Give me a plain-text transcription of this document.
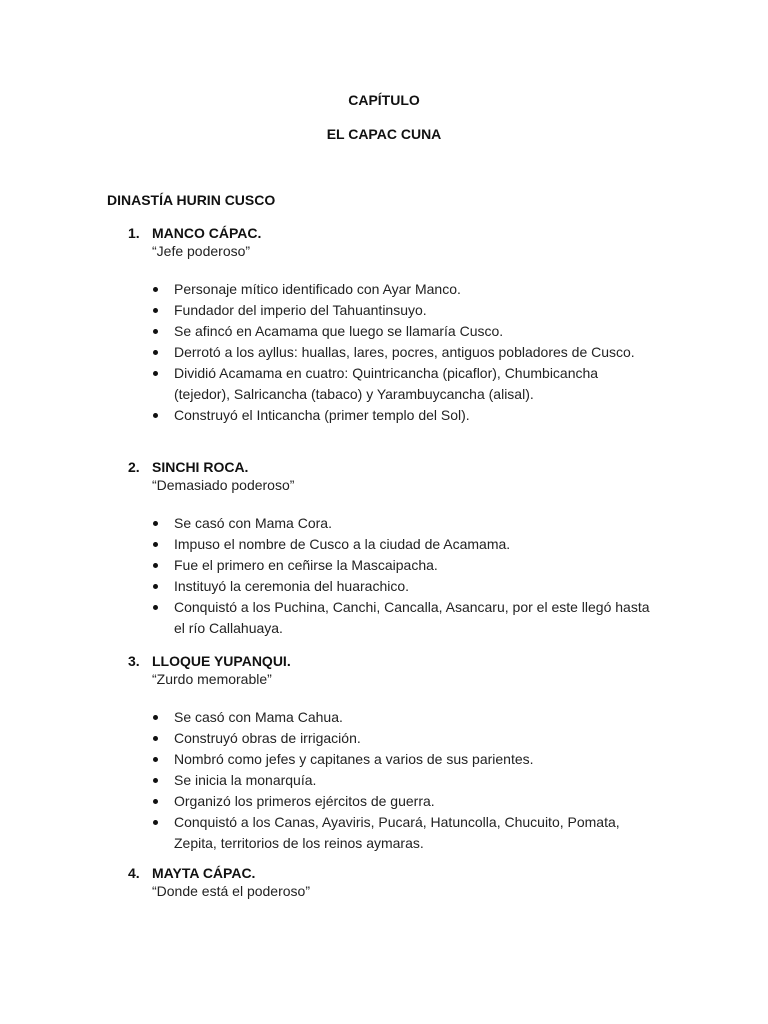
CAPÍTULO
EL CAPAC CUNA
DINASTÍA HURIN CUSCO
1. MANCO CÁPAC.
“Jefe poderoso”
Personaje mítico identificado con Ayar Manco.
Fundador del imperio del Tahuantinsuyo.
Se afincó en Acamama que luego se llamaría Cusco.
Derrotó a los ayllus: huallas, lares, pocres, antiguos pobladores de Cusco.
Dividió Acamama en cuatro: Quintricancha (picaflor), Chumbicancha (tejedor), Salricancha (tabaco) y Yarambuycancha (alisal).
Construyó el Inticancha (primer templo del Sol).
2. SINCHI ROCA.
“Demasiado poderoso”
Se casó con Mama Cora.
Impuso el nombre de Cusco a la ciudad de Acamama.
Fue el primero en ceñirse la Mascaipacha.
Instituyó la ceremonia del huarachico.
Conquistó a los Puchina, Canchi, Cancalla, Asancaru, por el este llegó hasta el río Callahuaya.
3. LLOQUE YUPANQUI.
“Zurdo memorable”
Se casó con Mama Cahua.
Construyó obras de irrigación.
Nombró como jefes y capitanes a varios de sus parientes.
Se inicia la monarquía.
Organizó los primeros ejércitos de guerra.
Conquistó a los Canas, Ayaviris, Pucará, Hatuncolla, Chucuito, Pomata, Zepita, territorios de los reinos aymaras.
4. MAYTA CÁPAC.
“Donde está el poderoso”
